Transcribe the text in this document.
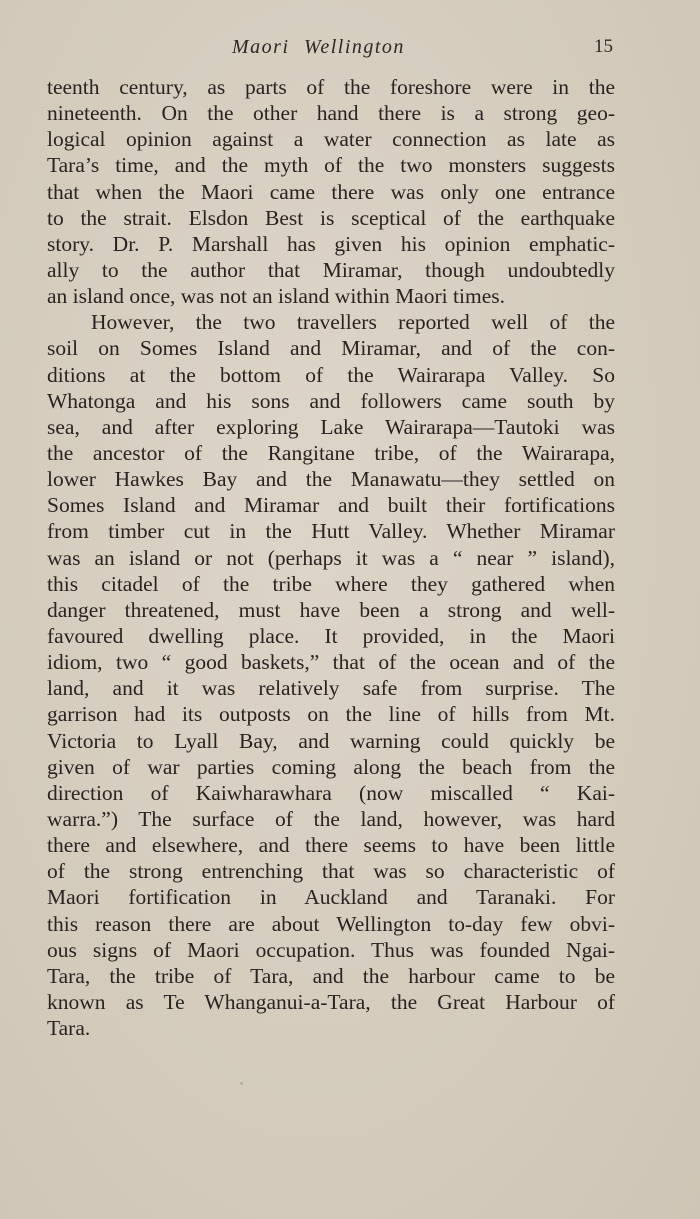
Maori Wellington	15
teenth century, as parts of the foreshore were in the
nineteenth. On the other hand there is a strong geo-
logical opinion against a water connection as late as
Tara’s time, and the myth of the two monsters suggests
that when the Maori came there was only one entrance
to the strait. Elsdon Best is sceptical of the earthquake
story. Dr. P. Marshall has given his opinion emphatic-
ally to the author that Miramar, though undoubtedly
an island once, was not an island within Maori times.
However, the two travellers reported well of the
soil on Somes Island and Miramar, and of the con-
ditions at the bottom of the Wairarapa Valley. So
Whatonga and his sons and followers came south by
sea, and after exploring Lake Wairarapa—Tautoki was
the ancestor of the Rangitane tribe, of the Wairarapa,
lower Hawkes Bay and the Manawatu—they settled on
Somes Island and Miramar and built their fortifications
from timber cut in the Hutt Valley. Whether Miramar
was an island or not (perhaps it was a “ near ” island),
this citadel of the tribe where they gathered when
danger threatened, must have been a strong and well-
favoured dwelling place. It provided, in the Maori
idiom, two “ good baskets,” that of the ocean and of the
land, and it was relatively safe from surprise. The
garrison had its outposts on the line of hills from Mt.
Victoria to Lyall Bay, and warning could quickly be
given of war parties coming along the beach from the
direction of Kaiwharawhara (now miscalled “ Kai-
warra.”) The surface of the land, however, was hard
there and elsewhere, and there seems to have been little
of the strong entrenching that was so characteristic of
Maori fortification in Auckland and Taranaki. For
this reason there are about Wellington to-day few obvi-
ous signs of Maori occupation. Thus was founded Ngai-
Tara, the tribe of Tara, and the harbour came to be
known as Te Whanganui-a-Tara, the Great Harbour of
Tara.
